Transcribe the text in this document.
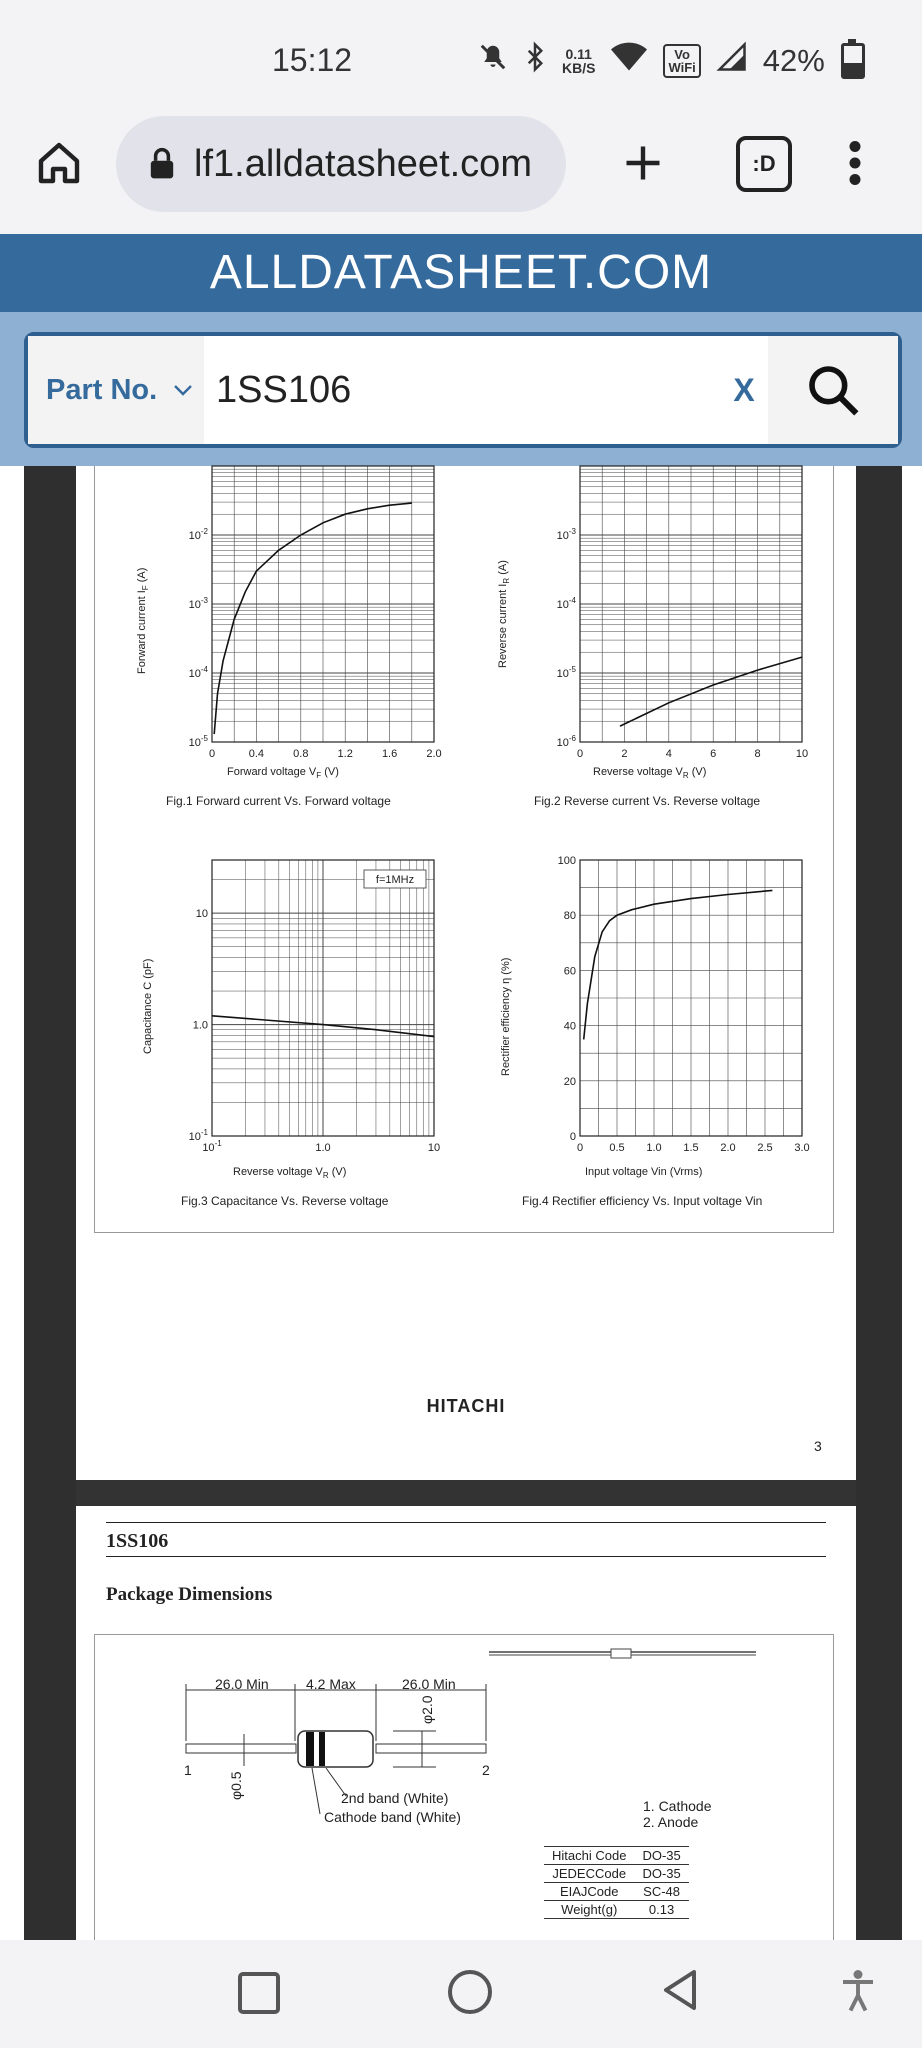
15:12	0.11
KB/S
Vo
WiFi 42%
lf1.alldatasheet.com	:D
ALLDATASHEET.COM
Part No. 1SS106	X
0	0.4	0.8	1.2	1.6	2.0
$10^{-2}$
$10^{-3}$
$10^{-4}$
$10^{-5}$
Forward current $I_F$ (A)
Forward voltage $V_F$ (V)
Fig.1 Forward current Vs. Forward voltage
0	2	4	6	8	10
$10^{-3}$
$10^{-4}$
$10^{-5}$
$10^{-6}$
Reverse current $I_R$ (A)
Reverse voltage $V_R$ (V)
Fig.2 Reverse current Vs. Reverse voltage
$10^{-1}$	1.0	10
10
1.0
$10^{-1}$
f=1MHz
Capacitance C (pF)
Reverse voltage $V_R$ (V)
Fig.3 Capacitance Vs. Reverse voltage
0 0.5 1.0 1.5 2.0 2.5 3.0
100
80
60
40
20
0
Rectifier efficiency η (%)
Input voltage Vin (Vrms)
Fig.4 Rectifier efficiency Vs. Input voltage Vin
HITACHI
3
1SS106
Package Dimensions
26.0 Min	4.2 Max	26.0 Min
φ2.0
φ0.5
1	2
2nd band (White)
Cathode band (White)
1. Cathode
2. Anode
Hitachi Code	DO-35
JEDECCode	DO-35
EIAJCode	SC-48
Weight(g)	0.13
